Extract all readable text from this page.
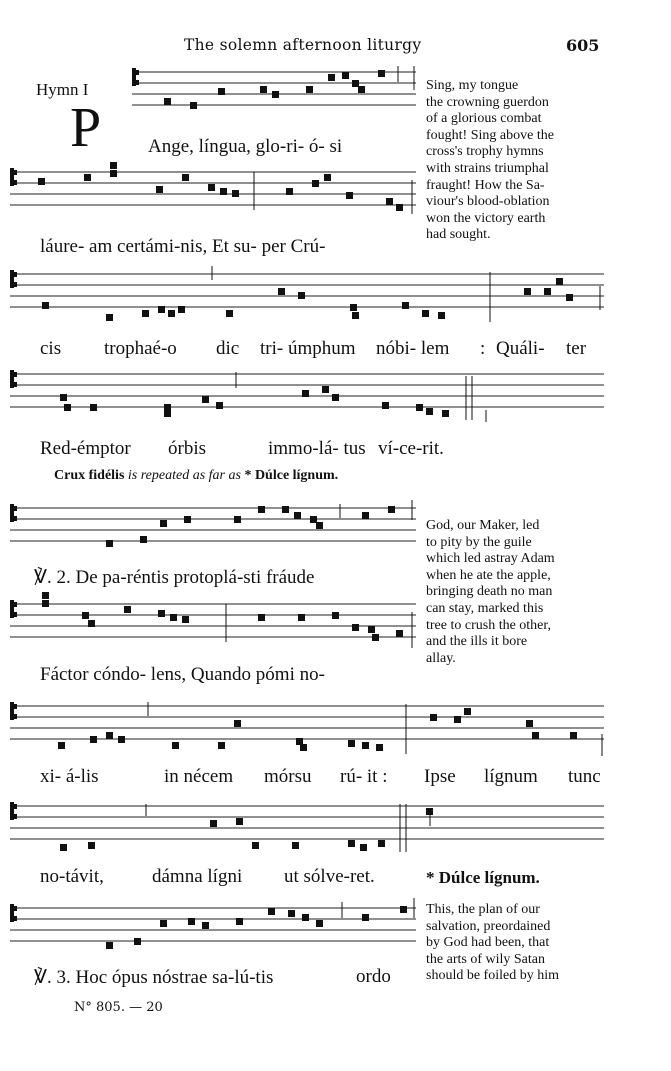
The solemn afternoon liturgy	605
Hymn I
P Ange, língua, glo-ri- ó- si
láure- am certámi-nis, Et su- per Crú-
Sing, my tongue
the crowning guerdon
of a glorious combat
fought! Sing above the
cross's trophy hymns
with strains triumphal
fraught! How the Sa-
viour's blood-oblation
won the victory earth
had sought.
cis trophaé-o dic tri- úmphum nóbi- lem : Quáli- ter
Red-émptor órbis	immo-lá- tus ví-ce-rit.
Crux fidélis is repeated as far as * Dúlce lígnum.
℣. 2. De pa-réntis protoplá-sti fráude
God, our Maker, led
to pity by the guile
which led astray Adam
when he ate the apple,
bringing death no man
can stay, marked this
tree to crush the other,
and the ills it bore
allay.
Fáctor cóndo- lens, Quando pómi no-
xi- á-lis	in nécem mórsu rú- it : Ipse lígnum tunc
no-távit,	dámna lígni ut sólve-ret.	* Dúlce lígnum.
℣. 3. Hoc ópus nóstrae sa-lú-tis	ordo
This, the plan of our
salvation, preordained
by God had been, that
the arts of wily Satan
should be foiled by him
N° 805. — 20
